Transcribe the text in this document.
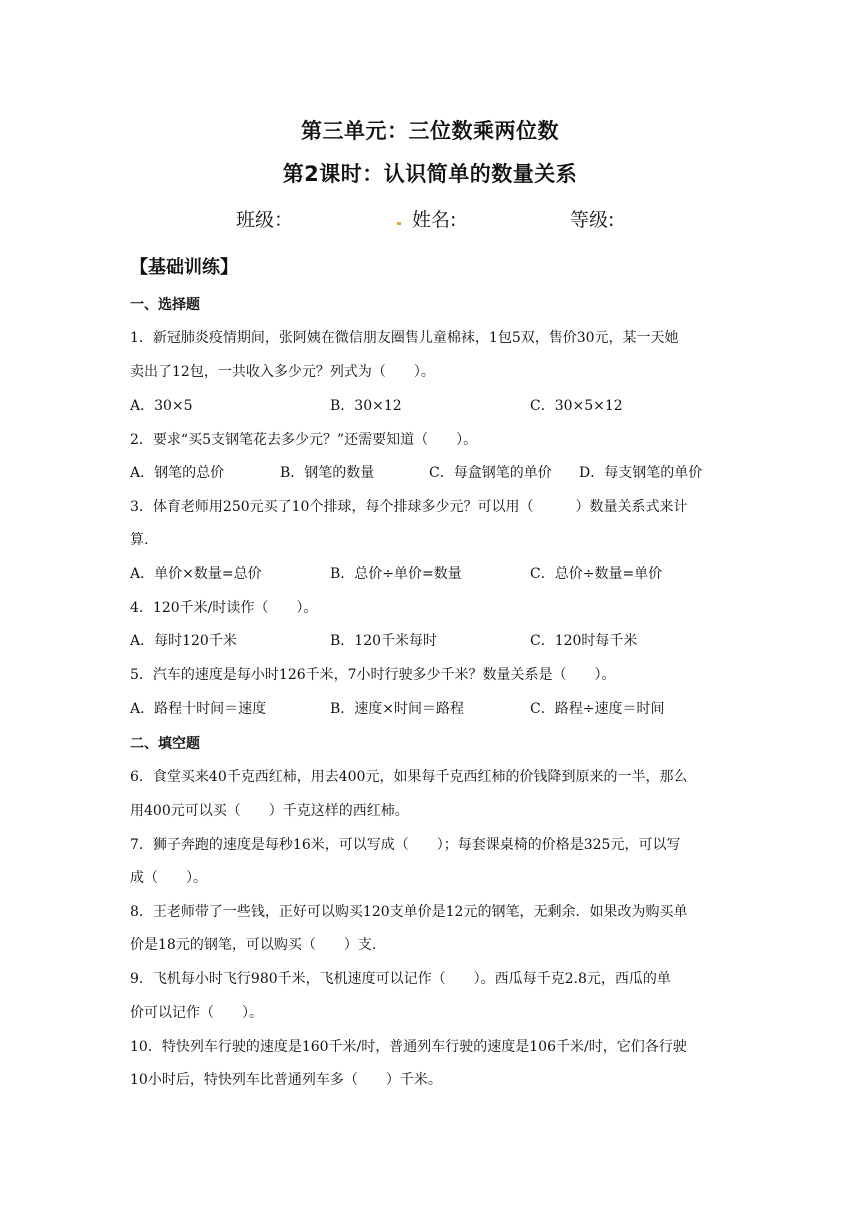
第三单元：三位数乘两位数
第2课时：认识简单的数量关系
班级：	姓名:	等级:
【基础训练】
一、选择题
1．新冠肺炎疫情期间，张阿姨在微信朋友圈售儿童棉袜，1包5双，售价30元，某一天她
卖出了12包，一共收入多少元？列式为（　　）。
A．30×5	B．30×12	C．30×5×12
2．要求“买5支钢笔花去多少元？”还需要知道（　　）。
A．钢笔的总价	B．钢笔的数量	C．每盒钢笔的单价 D．每支钢笔的单价
3．体育老师用250元买了10个排球，每个排球多少元？可以用（　　　）数量关系式来计
算.
A．单价×数量=总价	B．总价÷单价=数量	C．总价÷数量=单价
4．120千米/时读作（　　）。
A．每时120千米	B．120千米每时	C．120时每千米
5．汽车的速度是每小时126千米，7小时行驶多少千米？数量关系是（　　）。
A．路程十时间＝速度	B．速度×时间＝路程	C．路程÷速度＝时间
二、填空题
6．食堂买来40千克西红柿，用去400元，如果每千克西红柿的价钱降到原来的一半，那么
用400元可以买（　　）千克这样的西红柿。
7．狮子奔跑的速度是每秒16米，可以写成（　　）；每套课桌椅的价格是325元，可以写
成（　　）。
8．王老师带了一些钱，正好可以购买120支单价是12元的钢笔，无剩余．如果改为购买单
价是18元的钢笔，可以购买（　　）支.
9．飞机每小时飞行980千米，飞机速度可以记作（　　）。西瓜每千克2.8元，西瓜的单
价可以记作（　　）。
10．特快列车行驶的速度是160千米/时，普通列车行驶的速度是106千米/时，它们各行驶
10小时后，特快列车比普通列车多（　　）千米。
